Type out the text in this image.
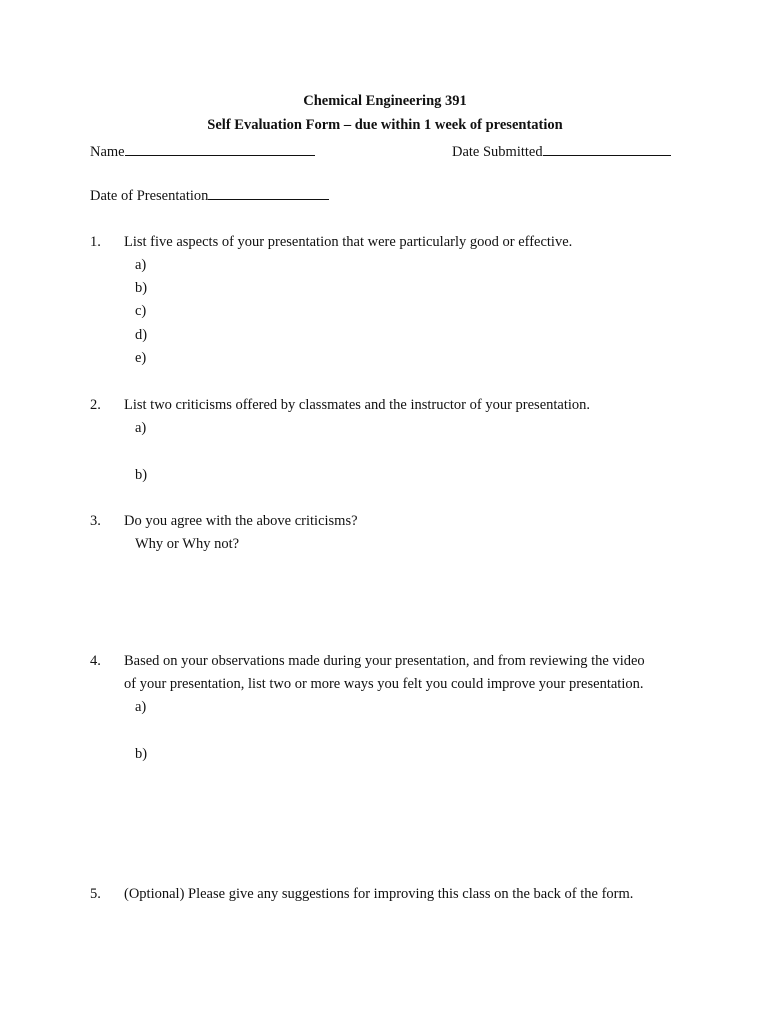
Chemical Engineering 391
Self Evaluation Form – due within 1 week of presentation
Name	Date Submitted
Date of Presentation
1. List five aspects of your presentation that were particularly good or effective.
a)
b)
c)
d)
e)
2. List two criticisms offered by classmates and the instructor of your presentation.
a)
b)
3. Do you agree with the above criticisms?
Why or Why not?
4. Based on your observations made during your presentation, and from reviewing the video
of your presentation, list two or more ways you felt you could improve your presentation.
a)
b)
5. (Optional) Please give any suggestions for improving this class on the back of the form.
